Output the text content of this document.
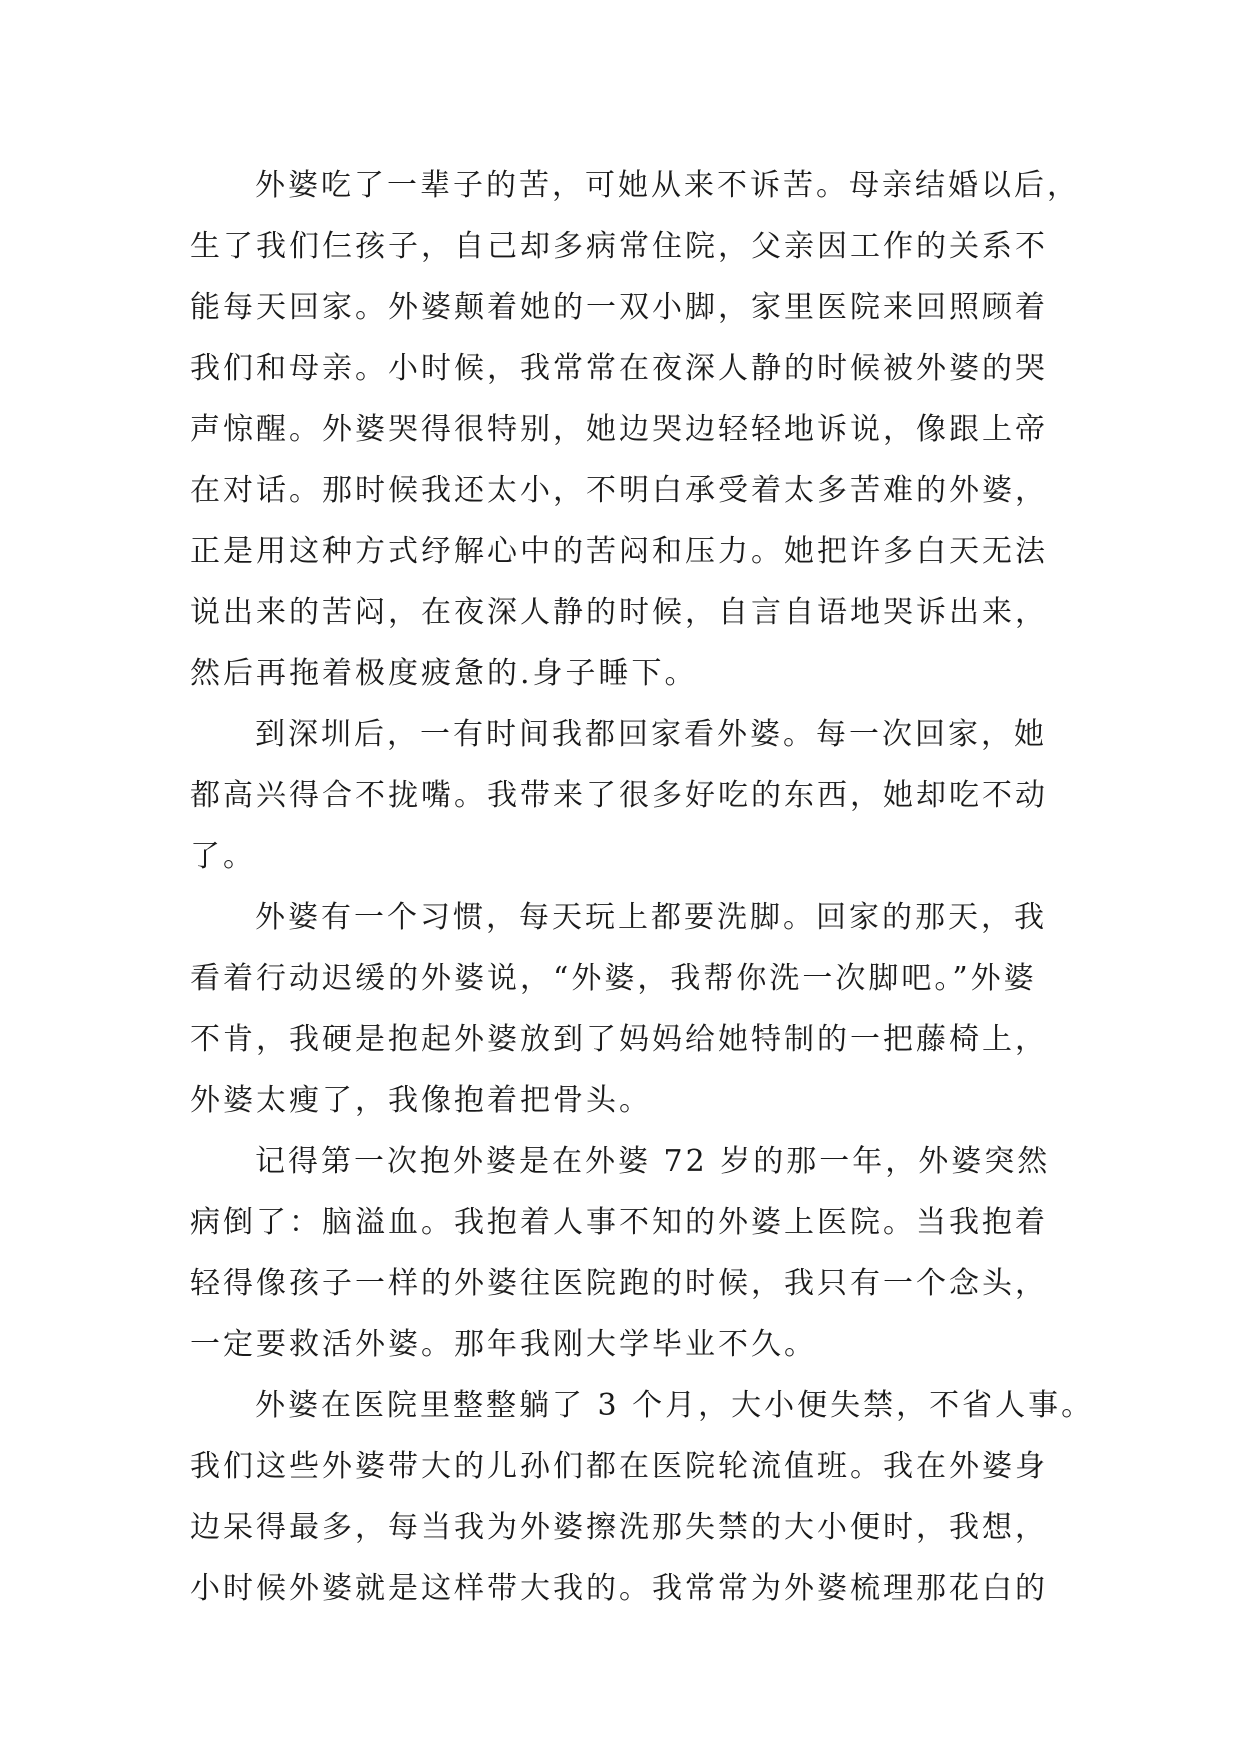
外婆吃了一辈子的苦，可她从来不诉苦。母亲结婚以后，
生了我们仨孩子，自己却多病常住院，父亲因工作的关系不
能每天回家。外婆颠着她的一双小脚，家里医院来回照顾着
我们和母亲。小时候，我常常在夜深人静的时候被外婆的哭
声惊醒。外婆哭得很特别，她边哭边轻轻地诉说，像跟上帝
在对话。那时候我还太小，不明白承受着太多苦难的外婆，
正是用这种方式纾解心中的苦闷和压力。她把许多白天无法
说出来的苦闷，在夜深人静的时候，自言自语地哭诉出来，
然后再拖着极度疲惫的.身子睡下。
到深圳后，一有时间我都回家看外婆。每一次回家，她
都高兴得合不拢嘴。我带来了很多好吃的东西，她却吃不动
了。
外婆有一个习惯，每天玩上都要洗脚。回家的那天，我
看着行动迟缓的外婆说，“外婆，我帮你洗一次脚吧。”外婆
不肯，我硬是抱起外婆放到了妈妈给她特制的一把藤椅上，
外婆太瘦了，我像抱着把骨头。
记得第一次抱外婆是在外婆 72 岁的那一年，外婆突然
病倒了：脑溢血。我抱着人事不知的外婆上医院。当我抱着
轻得像孩子一样的外婆往医院跑的时候，我只有一个念头，
一定要救活外婆。那年我刚大学毕业不久。
外婆在医院里整整躺了 3 个月，大小便失禁，不省人事。
我们这些外婆带大的儿孙们都在医院轮流值班。我在外婆身
边呆得最多，每当我为外婆擦洗那失禁的大小便时，我想，
小时候外婆就是这样带大我的。我常常为外婆梳理那花白的
